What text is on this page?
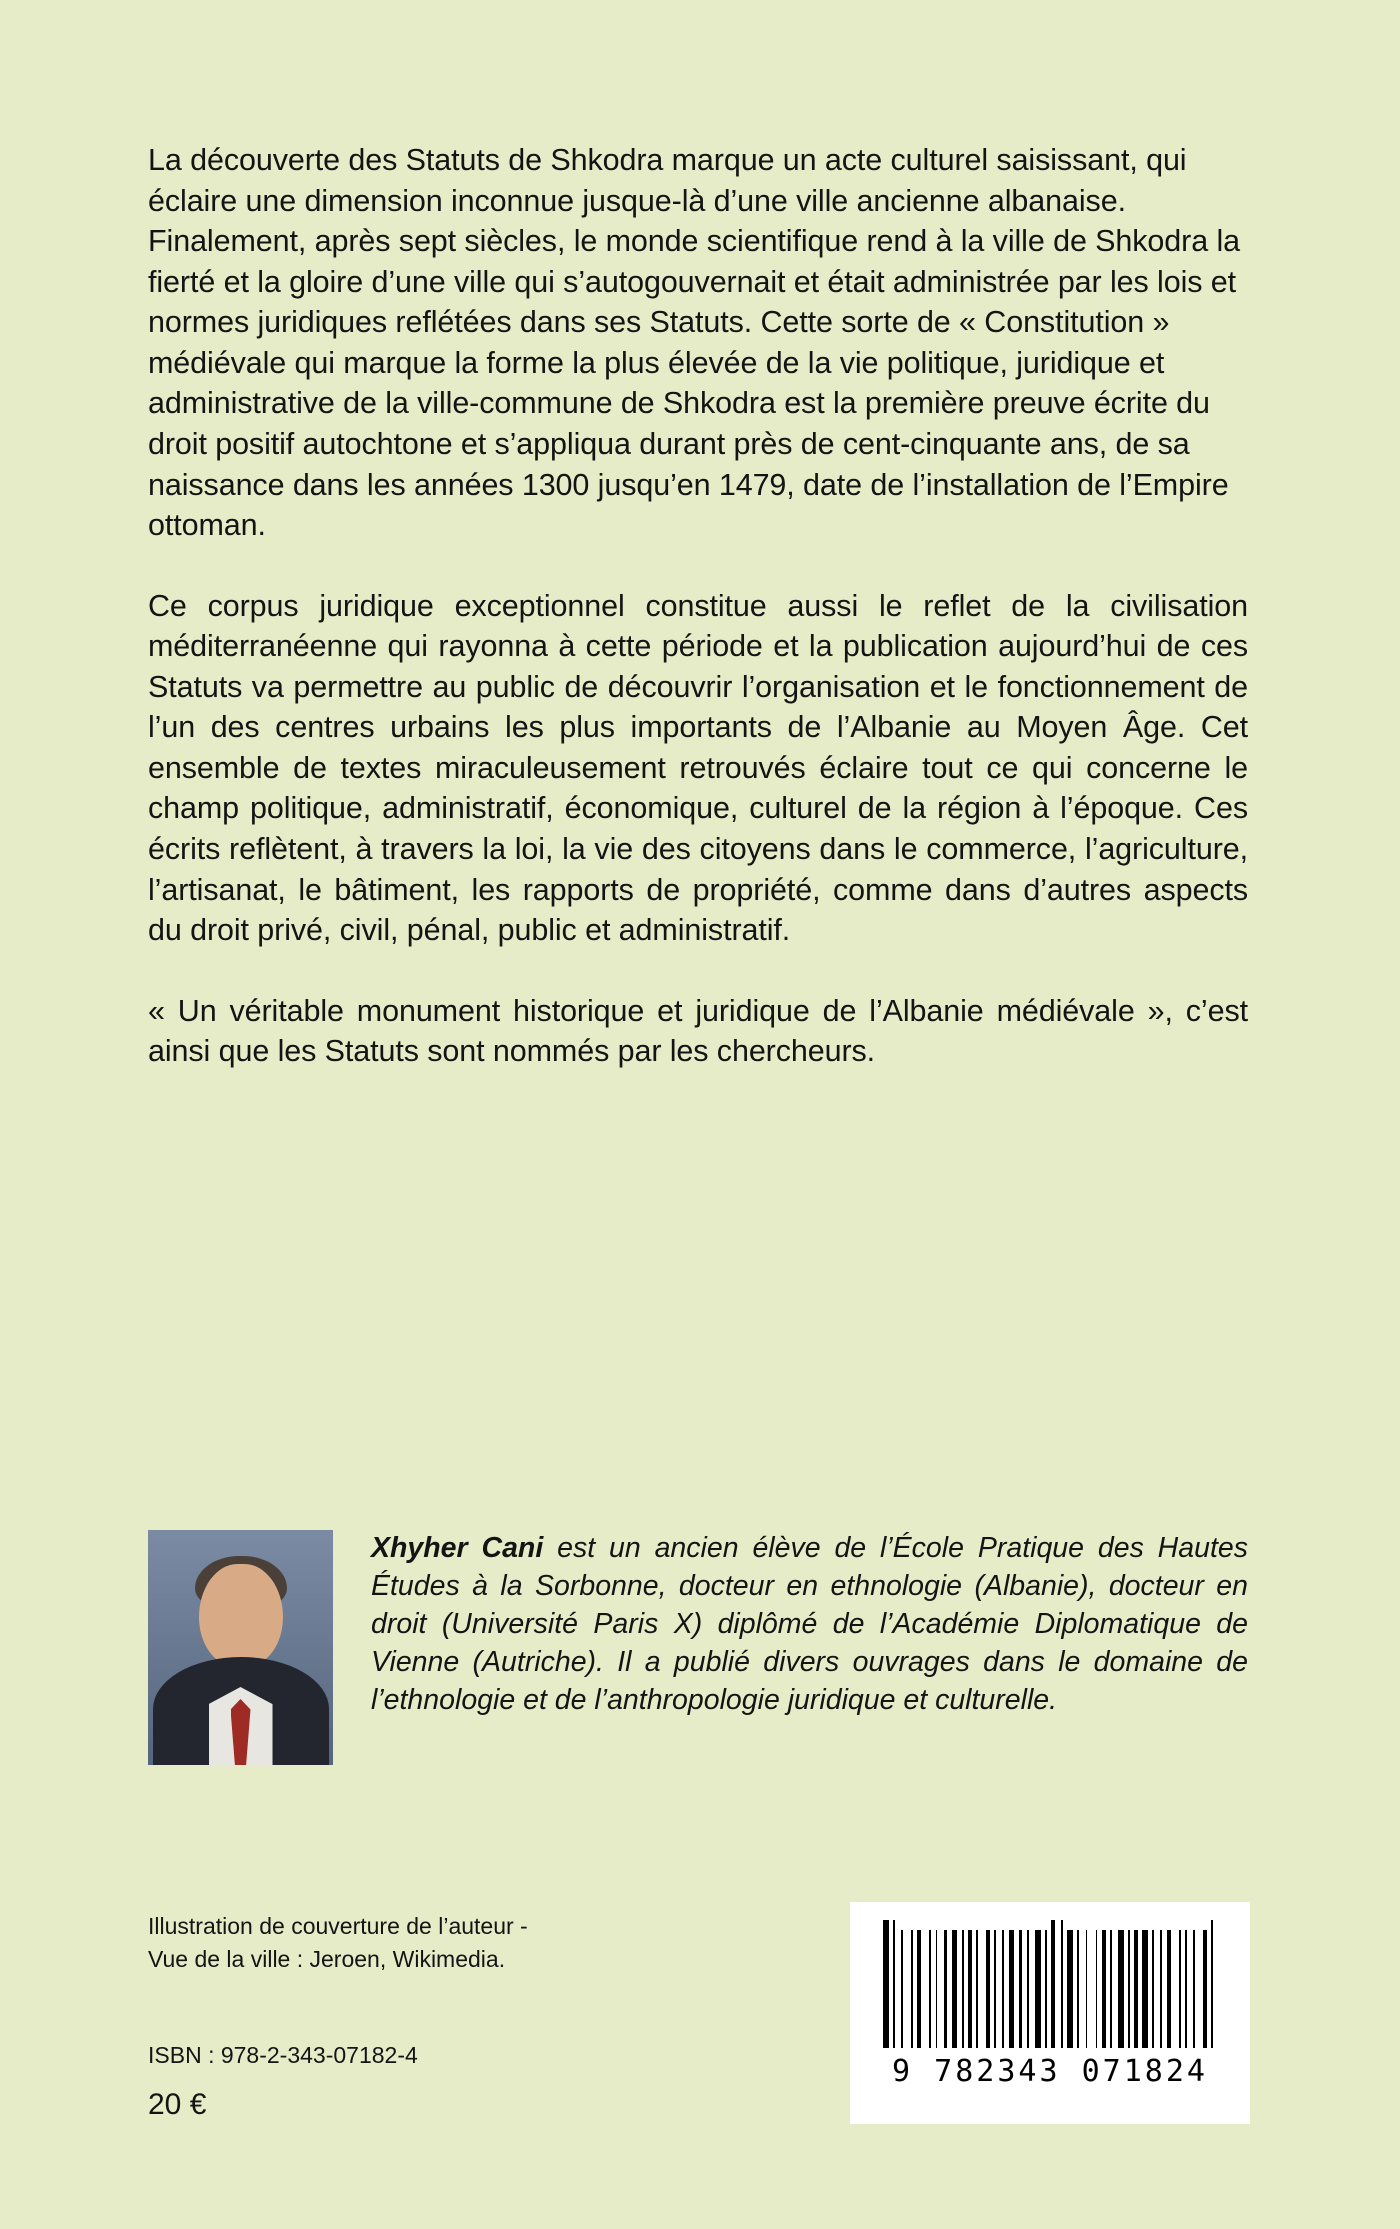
La découverte des Statuts de Shkodra marque un acte culturel saisissant, qui éclaire une dimension inconnue jusque-là d’une ville ancienne albanaise. Finalement, après sept siècles, le monde scientifique rend à la ville de Shkodra la fierté et la gloire d’une ville qui s’autogouvernait et était administrée par les lois et normes juridiques reflétées dans ses Statuts. Cette sorte de « Constitution » médiévale qui marque la forme la plus élevée de la vie politique, juridique et administrative de la ville-commune de Shkodra est la première preuve écrite du droit positif autochtone et s’appliqua durant près de cent-cinquante ans, de sa naissance dans les années 1300 jusqu’en 1479, date de l’installation de l’Empire ottoman.

Ce corpus juridique exceptionnel constitue aussi le reflet de la civilisation méditerranéenne qui rayonna à cette période et la publication aujourd’hui de ces Statuts va permettre au public de découvrir l’organisation et le fonctionnement de l’un des centres urbains les plus importants de l’Albanie au Moyen Âge. Cet ensemble de textes miraculeusement retrouvés éclaire tout ce qui concerne le champ politique, administratif, économique, culturel de la région à l’époque. Ces écrits reflètent, à travers la loi, la vie des citoyens dans le commerce, l’agriculture, l’artisanat, le bâtiment, les rapports de propriété, comme dans d’autres aspects du droit privé, civil, pénal, public et administratif.

« Un véritable monument historique et juridique de l’Albanie médiévale », c’est ainsi que les Statuts sont nommés par les chercheurs.

Xhyher Cani est un ancien élève de l’École Pratique des Hautes Études à la Sorbonne, docteur en ethnologie (Albanie), docteur en droit (Université Paris X) diplômé de l’Académie Diplomatique de Vienne (Autriche). Il a publié divers ouvrages dans le domaine de l’ethnologie et de l’anthropologie juridique et culturelle.
Illustration de couverture de l’auteur -
Vue de la ville : Jeroen, Wikimedia.
ISBN : 978-2-343-07182-4
20 €
9 782343 071824
